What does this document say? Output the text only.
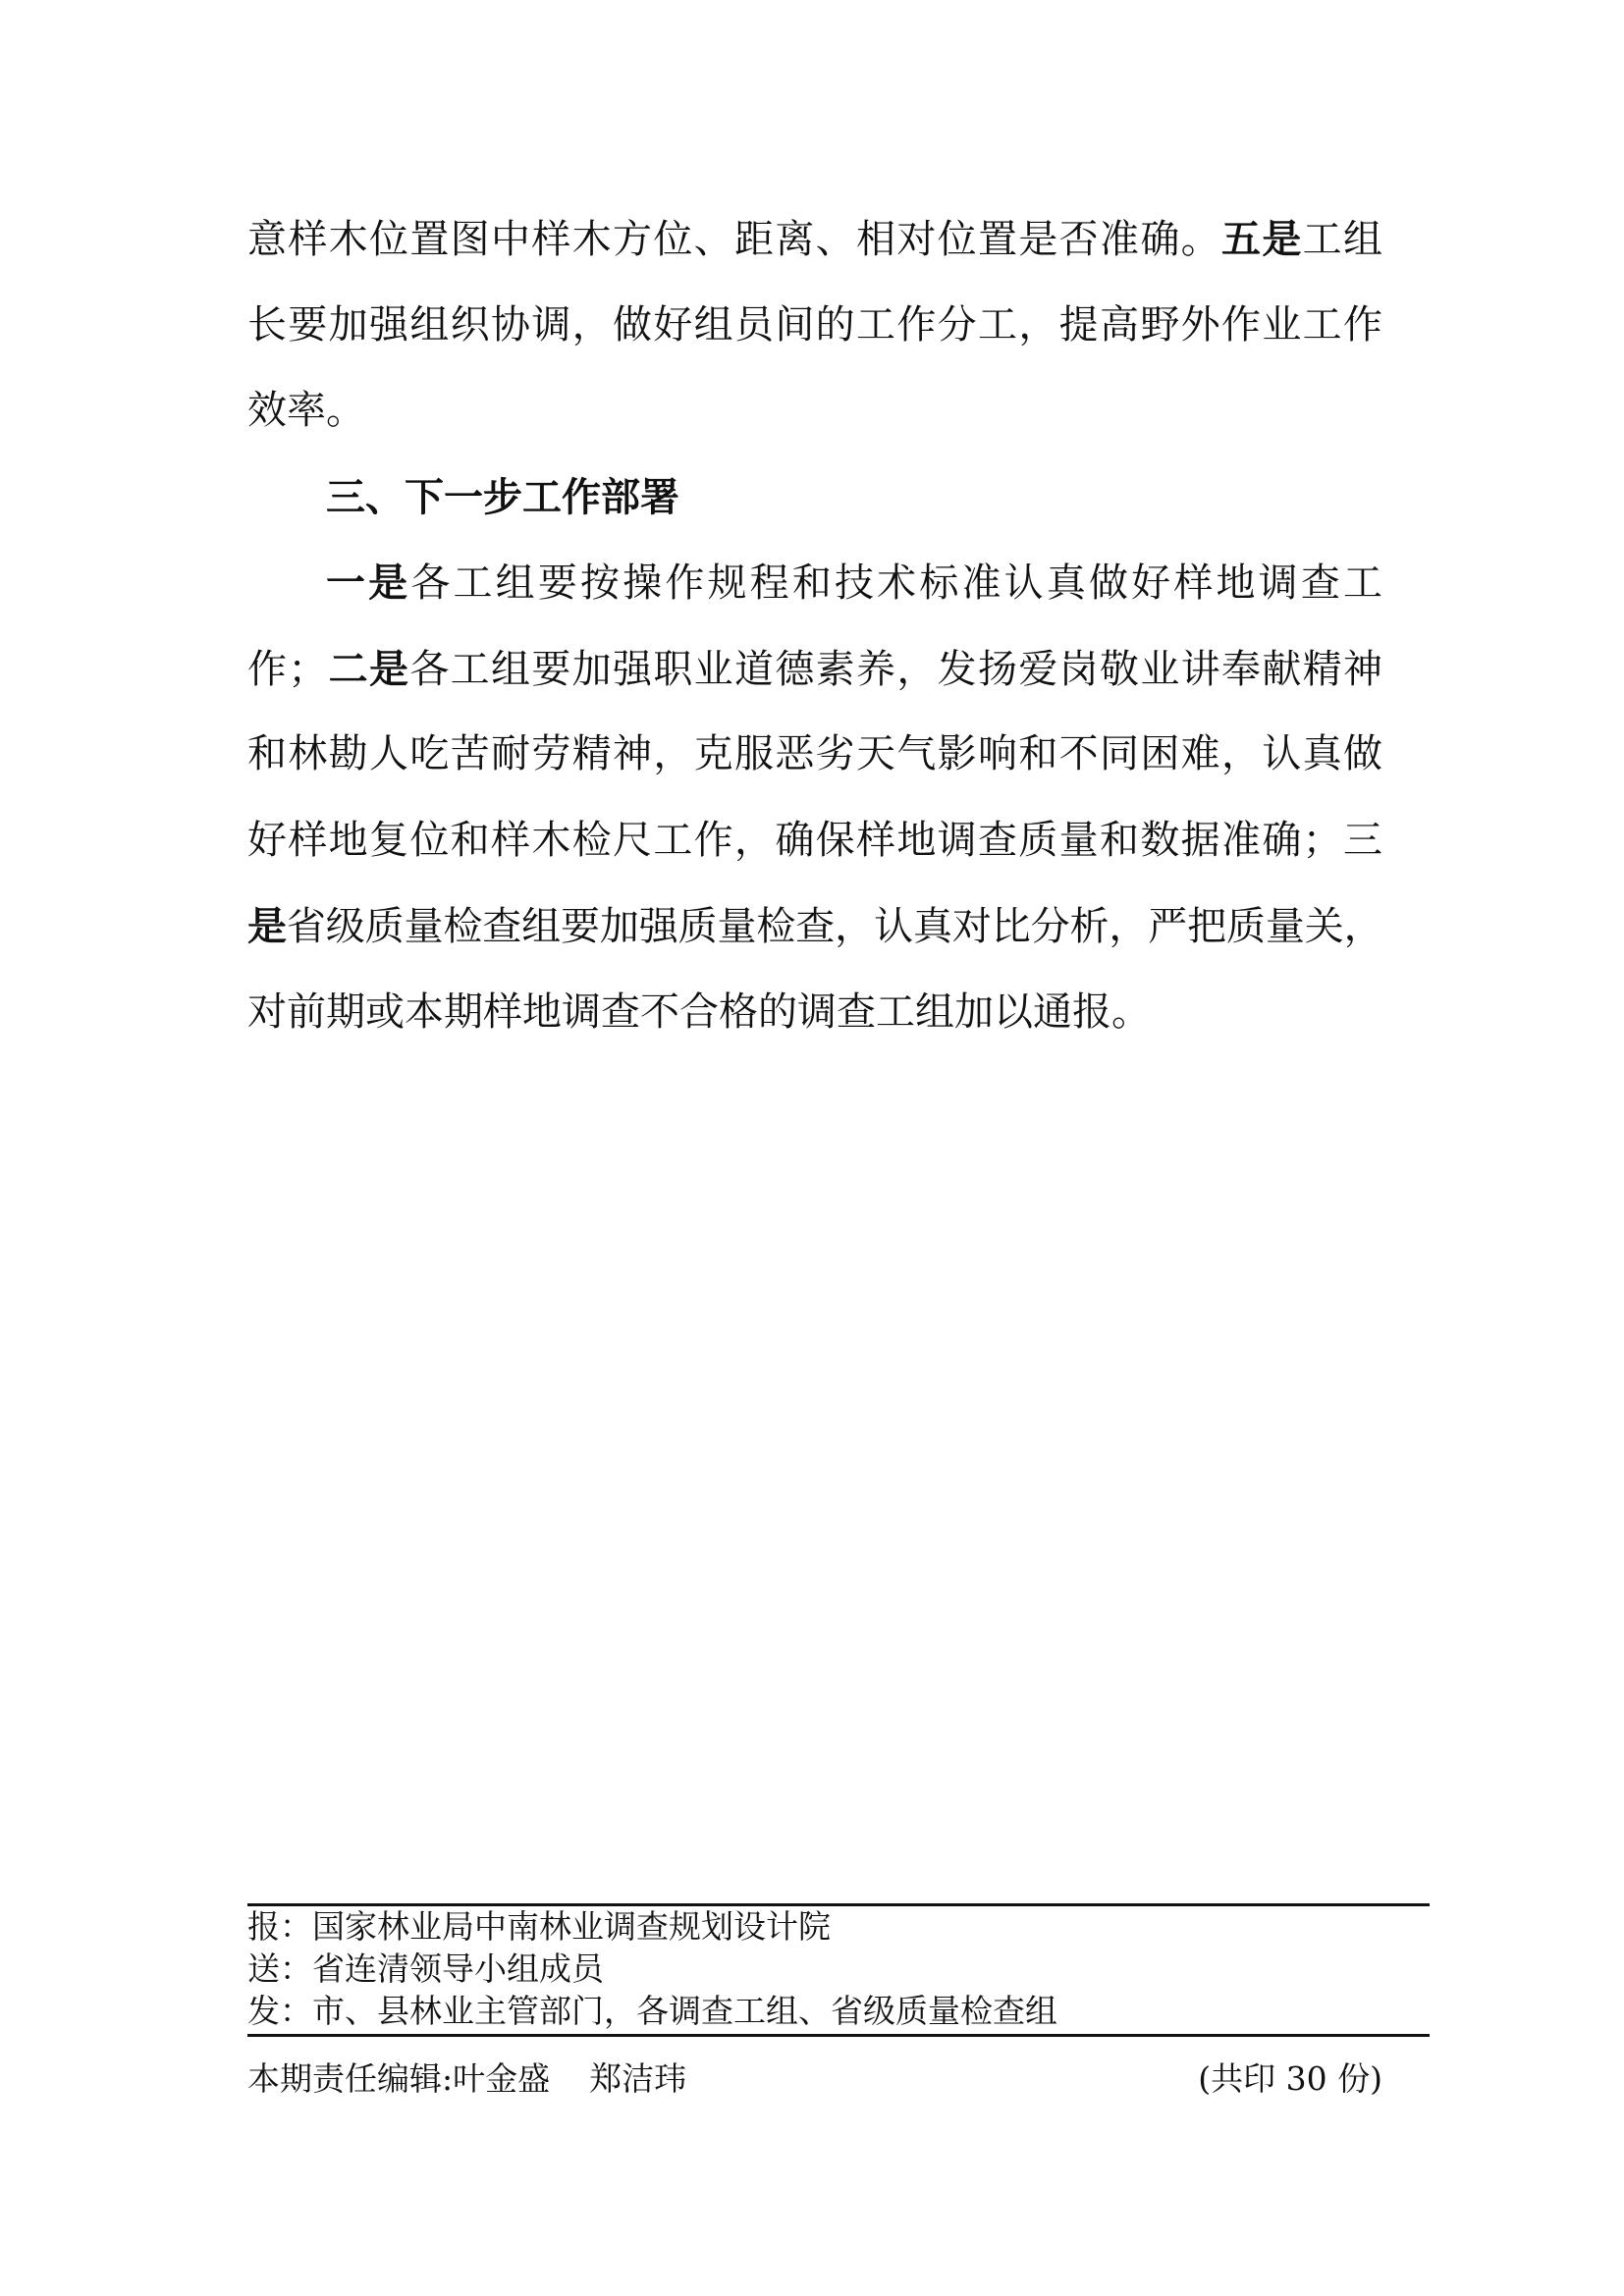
意样木位置图中样木方位、距离、相对位置是否准确。五是工组
长要加强组织协调，做好组员间的工作分工，提高野外作业工作
效率。
三、下一步工作部署
一是各工组要按操作规程和技术标准认真做好样地调查工
作；二是各工组要加强职业道德素养，发扬爱岗敬业讲奉献精神
和林勘人吃苦耐劳精神，克服恶劣天气影响和不同困难，认真做
好样地复位和样木检尺工作，确保样地调查质量和数据准确；三
是省级质量检查组要加强质量检查，认真对比分析，严把质量关，
对前期或本期样地调查不合格的调查工组加以通报。
报：国家林业局中南林业调查规划设计院
送：省连清领导小组成员
发：市、县林业主管部门，各调查工组、省级质量检查组
本期责任编辑:叶金盛 郑洁玮	(共印 30 份)
